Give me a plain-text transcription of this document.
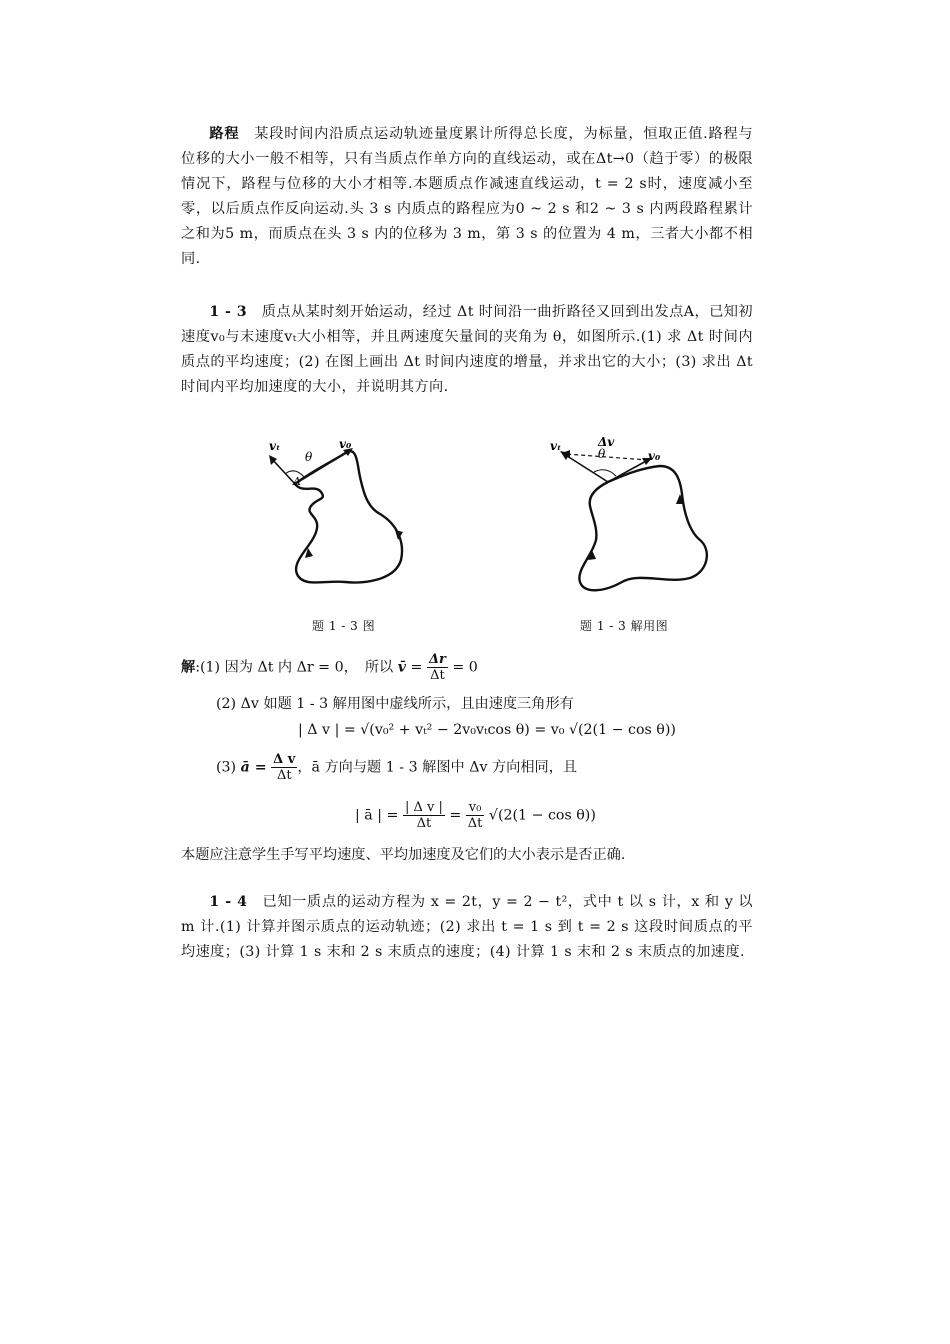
路程　 某段时间内沿质点运动轨迹量度累计所得总长度，为标量，恒取正值.路程与位移的大小一般不相等，只有当质点作单方向的直线运动，或在Δt→0（趋于零）的极限情况下，路程与位移的大小才相等.本题质点作减速直线运动，t = 2 s时，速度减小至零，以后质点作反向运动.头 3 s 内质点的路程应为0 ~ 2 s 和2 ~ 3 s 内两段路程累计之和为5 m，而质点在头 3 s 内的位移为 3 m，第 3 s 的位置为 4 m，三者大小都不相同.

1 - 3　 质点从某时刻开始运动，经过 Δt 时间沿一曲折路径又回到出发点A，已知初速度v₀与末速度vₜ大小相等，并且两速度矢量间的夹角为 θ，如图所示.(1) 求 Δt 时间内质点的平均速度；(2) 在图上画出 Δt 时间内速度的增量，并求出它的大小；(3) 求出 Δt 时间内平均加速度的大小，并说明其方向.

vₜ	v₀
θ
A
题 1 - 3 图
vₜ
v₀
θ
Δv
题 1 - 3 解用图
解:(1) 因为 Δt 内 Δr = 0，　所以 v̄ = $\frac{\Delta r}{\Delta t} = 0$
(2) Δv 如题 1 - 3 解用图中虚线所示，且由速度三角形有
| Δ v | = √(v₀² + vₜ² − 2v₀vₜcos θ) = v₀ √(2(1 − cos θ))
(3) ā = $\frac{\text{Δ v}}{\Delta t}$ ，ā 方向与题 1 - 3 解图中 Δv 方向相同，且
| ā | = $\frac{\text{| Δ v |}}{\Delta t} = \frac{\text{v₀}}{\Delta t} √(2(1 - \cos \theta))$
本题应注意学生手写平均速度、平均加速度及它们的大小表示是否正确.

1 - 4　 已知一质点的运动方程为 x = 2t，y = 2 − t²，式中 t 以 s 计，x 和 y 以 m 计.(1) 计算并图示质点的运动轨迹；(2) 求出 t = 1 s 到 t = 2 s 这段时间质点的平均速度；(3) 计算 1 s 末和 2 s 末质点的速度；(4) 计算 1 s 末和 2 s 末质点的加速度.
